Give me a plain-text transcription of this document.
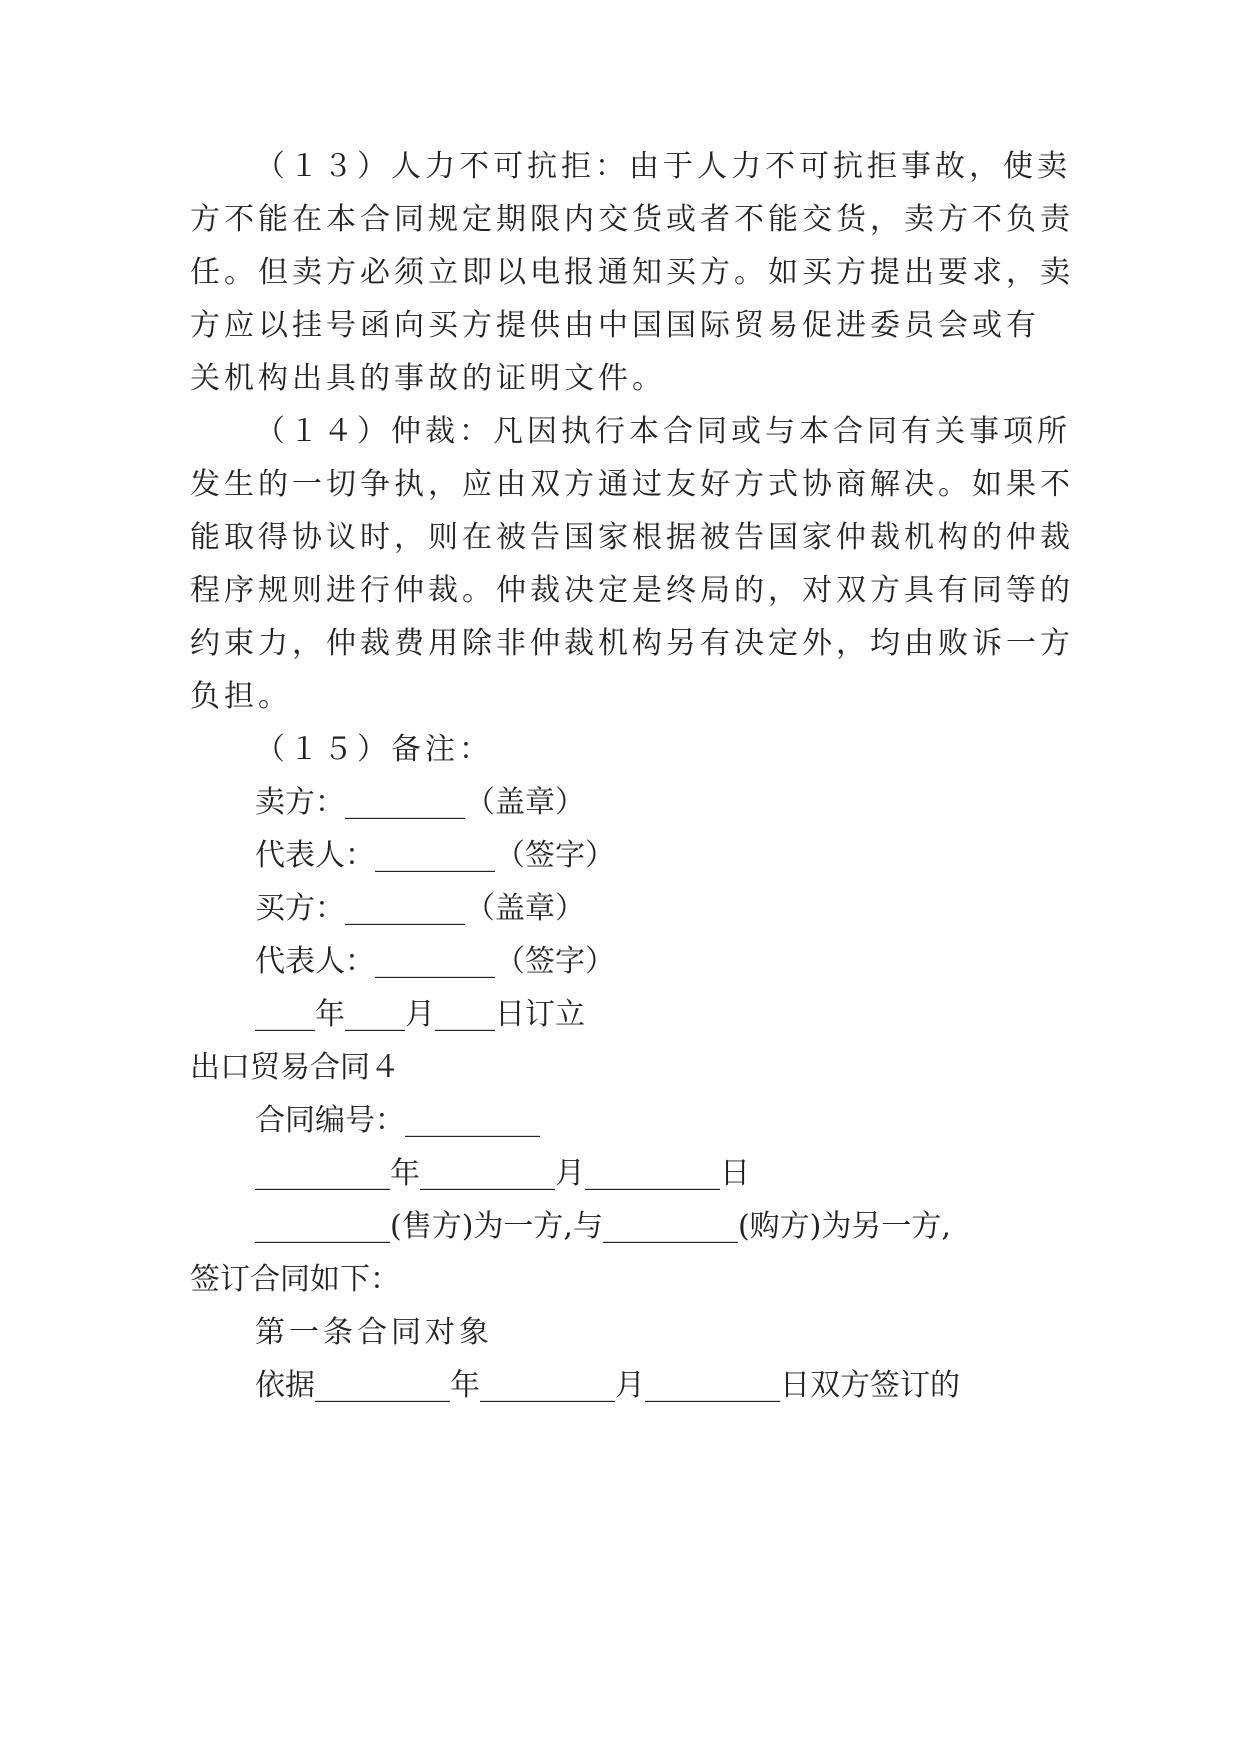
（１３）人力不可抗拒：由于人力不可抗拒事故，使卖
方不能在本合同规定期限内交货或者不能交货，卖方不负责
任。但卖方必须立即以电报通知买方。如买方提出要求，卖
方应以挂号函向买方提供由中国国际贸易促进委员会或有
关机构出具的事故的证明文件。
（１４）仲裁：凡因执行本合同或与本合同有关事项所
发生的一切争执，应由双方通过友好方式协商解决。如果不
能取得协议时，则在被告国家根据被告国家仲裁机构的仲裁
程序规则进行仲裁。仲裁决定是终局的，对双方具有同等的
约束力，仲裁费用除非仲裁机构另有决定外，均由败诉一方
负担。
（１５）备注：
卖方：________（盖章）
代表人：________（签字）
买方：________（盖章）
代表人：________（签字）
____年____月____日订立
出口贸易合同４
合同编号：_________
_________年_________月_________日
_________(售方)为一方,与_________(购方)为另一方,
签订合同如下：
第一条合同对象
依据_________年_________月_________日双方签订的
